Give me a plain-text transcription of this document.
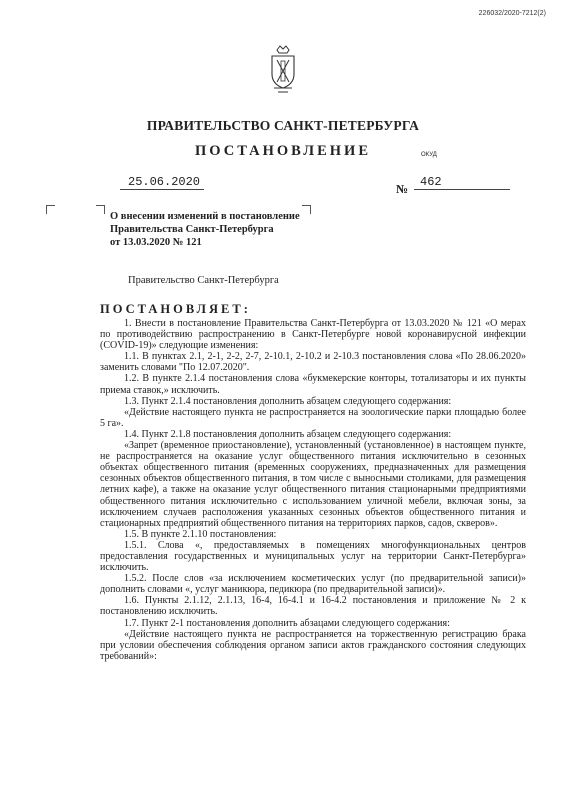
226032/2020-7212(2)
ПРАВИТЕЛЬСТВО САНКТ-ПЕТЕРБУРГА
ПОСТАНОВЛЕНИЕ	ОКУД
25.06.2020	№ 462
О внесении изменений в постановление
Правительства Санкт-Петербурга
от 13.03.2020 № 121
Правительство Санкт-Петербурга
ПОСТАНОВЛЯЕТ:

1. Внести в постановление Правительства Санкт-Петербурга от 13.03.2020 № 121 «О мерах по противодействию распространению в Санкт-Петербурге новой коронавирусной инфекции (COVID-19)» следующие изменения:

1.1. В пунктах 2.1, 2-1, 2-2, 2-7, 2-10.1, 2-10.2 и 2-10.3 постановления слова «По 28.06.2020» заменить словами "По 12.07.2020".

1.2. В пункте 2.1.4 постановления слова «букмекерские конторы, тотализаторы и их пункты приема ставок,» исключить.

1.3. Пункт 2.1.4 постановления дополнить абзацем следующего содержания:

«Действие настоящего пункта не распространяется на зоологические парки площадью более 5 га».

1.4. Пункт 2.1.8 постановления дополнить абзацем следующего содержания:

«Запрет (временное приостановление), установленный (установленное) в настоящем пункте, не распространяется на оказание услуг общественного питания исключительно в сезонных объектах общественного питания (временных сооружениях, предназначенных для размещения сезонных объектов общественного питания, в том числе с выносными столиками, для размещения летних кафе), а также на оказание услуг общественного питания стационарными предприятиями общественного питания исключительно с использованием уличной мебели, включая зоны, за исключением случаев расположения указанных сезонных объектов общественного питания и стационарных предприятий общественного питания на территориях парков, садов, скверов».

1.5. В пункте 2.1.10 постановления:

1.5.1. Слова «, предоставляемых в помещениях многофункциональных центров предоставления государственных и муниципальных услуг на территории Санкт-Петербурга» исключить.

1.5.2. После слов «за исключением косметических услуг (по предварительной записи)» дополнить словами «, услуг маникюра, педикюра (по предварительной записи)».

1.6. Пункты 2.1.12, 2.1.13, 16-4, 16-4.1 и 16-4.2 постановления и приложение № 2 к постановлению исключить.

1.7. Пункт 2-1 постановления дополнить абзацами следующего содержания:

«Действие настоящего пункта не распространяется на торжественную регистрацию брака при условии обеспечения соблюдения органом записи актов гражданского состояния следующих требований»:
